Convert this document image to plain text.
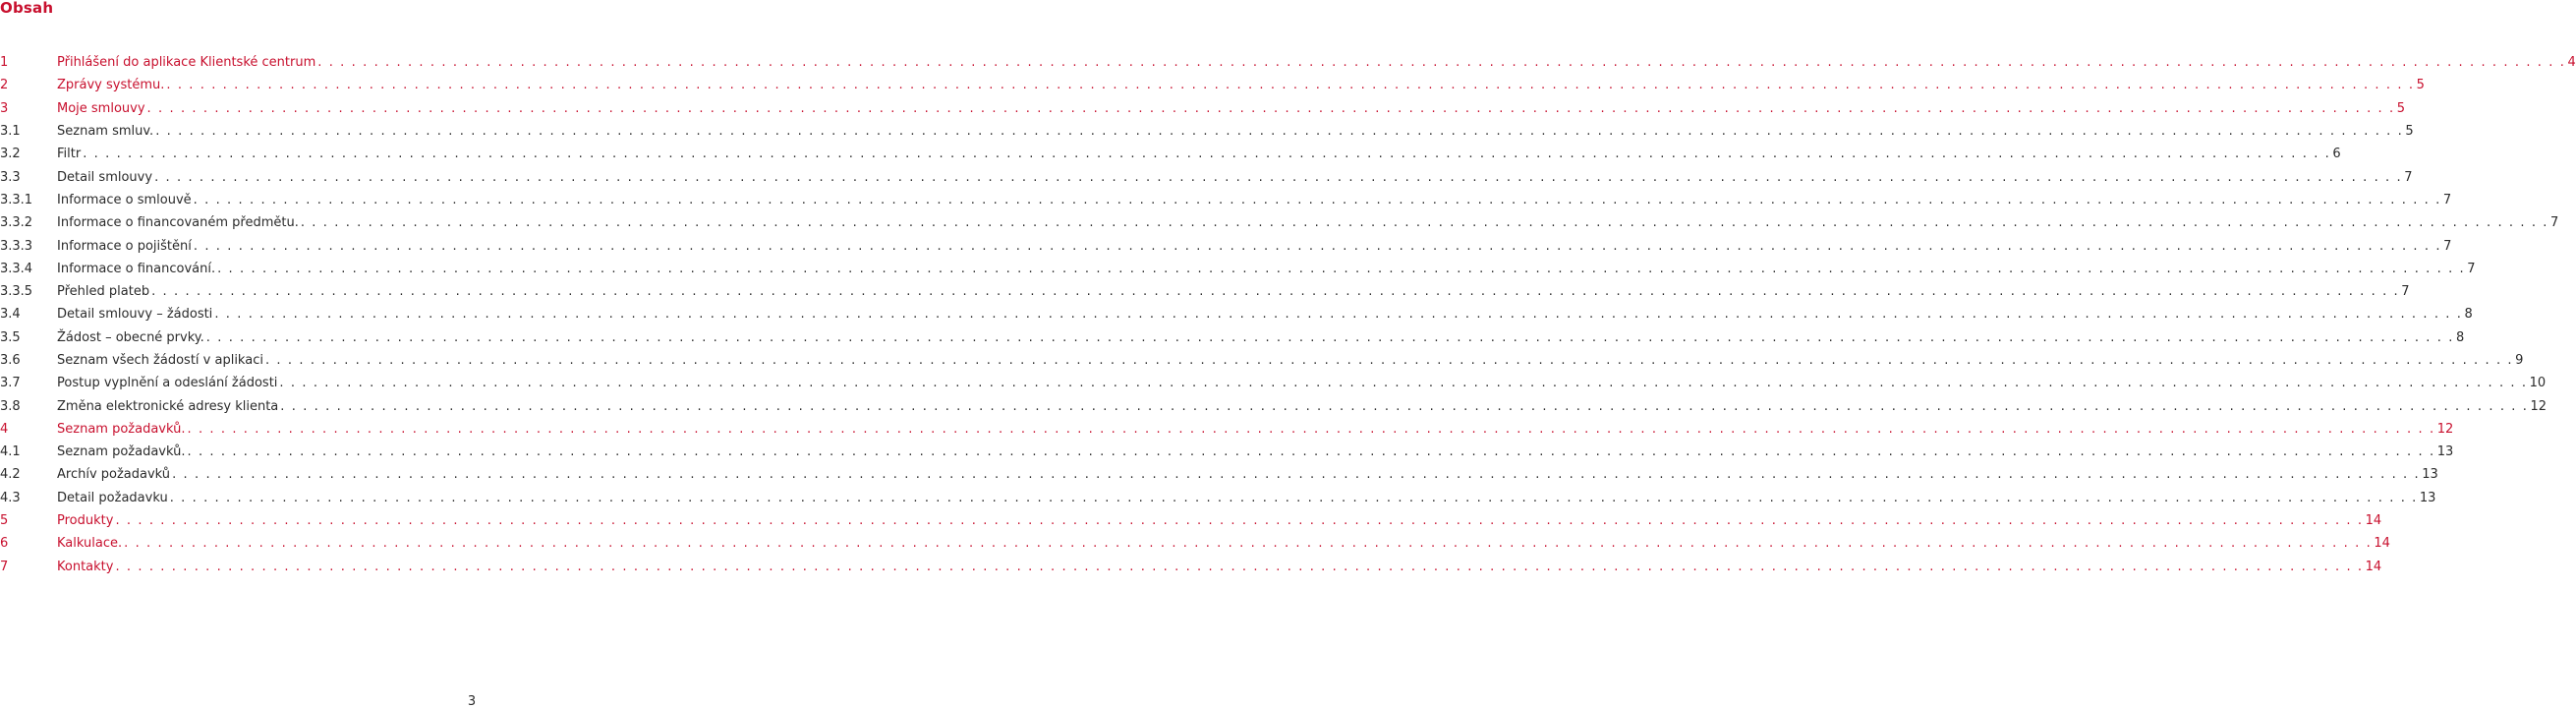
Obsah
1	Přihlášení do aplikace Klientské centrum . . . . . . . . . . . . . . . . . . . . . . . . . . . . . . . . . . . . . . . . . . . . . . . . . . . . . . . . . . . . . . . . . . . . . . . . . . . . . . . . . . . . . . . . . . . . . . . . . . . . . . . . . . . . . . . . . . . . . . . . . . . . . . . . . . . . . . . . . . . . . . . . . . . . . . . . . . . . . . . . . . . . . . . . . . . . . . . . . . . . . . . . . . . . . . . . . . . . . . . . 4
2	Zprávy systému. . . . . . . . . . . . . . . . . . . . . . . . . . . . . . . . . . . . . . . . . . . . . . . . . . . . . . . . . . . . . . . . . . . . . . . . . . . . . . . . . . . . . . . . . . . . . . . . . . . . . . . . . . . . . . . . . . . . . . . . . . . . . . . . . . . . . . . . . . . . . . . . . . . . . . . . . . . . . . . . . . . . . . . . . . . . . . . . . . . . . . . . . . . . . . . . . . . . . . . . . 5
3	Moje smlouvy . . . . . . . . . . . . . . . . . . . . . . . . . . . . . . . . . . . . . . . . . . . . . . . . . . . . . . . . . . . . . . . . . . . . . . . . . . . . . . . . . . . . . . . . . . . . . . . . . . . . . . . . . . . . . . . . . . . . . . . . . . . . . . . . . . . . . . . . . . . . . . . . . . . . . . . . . . . . . . . . . . . . . . . . . . . . . . . . . . . . . . . . . . . . . . . . . . . . . . . . 5
3.1	Seznam smluv. . . . . . . . . . . . . . . . . . . . . . . . . . . . . . . . . . . . . . . . . . . . . . . . . . . . . . . . . . . . . . . . . . . . . . . . . . . . . . . . . . . . . . . . . . . . . . . . . . . . . . . . . . . . . . . . . . . . . . . . . . . . . . . . . . . . . . . . . . . . . . . . . . . . . . . . . . . . . . . . . . . . . . . . . . . . . . . . . . . . . . . . . . . . . . . . . . . . . . . . . 5
3.2	Filtr . . . . . . . . . . . . . . . . . . . . . . . . . . . . . . . . . . . . . . . . . . . . . . . . . . . . . . . . . . . . . . . . . . . . . . . . . . . . . . . . . . . . . . . . . . . . . . . . . . . . . . . . . . . . . . . . . . . . . . . . . . . . . . . . . . . . . . . . . . . . . . . . . . . . . . . . . . . . . . . . . . . . . . . . . . . . . . . . . . . . . . . . . . . . . . . . . . . . . . . . 6
3.3	Detail smlouvy . . . . . . . . . . . . . . . . . . . . . . . . . . . . . . . . . . . . . . . . . . . . . . . . . . . . . . . . . . . . . . . . . . . . . . . . . . . . . . . . . . . . . . . . . . . . . . . . . . . . . . . . . . . . . . . . . . . . . . . . . . . . . . . . . . . . . . . . . . . . . . . . . . . . . . . . . . . . . . . . . . . . . . . . . . . . . . . . . . . . . . . . . . . . . . . . . . . . . . . . 7
3.3.1	Informace o smlouvě . . . . . . . . . . . . . . . . . . . . . . . . . . . . . . . . . . . . . . . . . . . . . . . . . . . . . . . . . . . . . . . . . . . . . . . . . . . . . . . . . . . . . . . . . . . . . . . . . . . . . . . . . . . . . . . . . . . . . . . . . . . . . . . . . . . . . . . . . . . . . . . . . . . . . . . . . . . . . . . . . . . . . . . . . . . . . . . . . . . . . . . . . . . . . . . . . . . . . . . . 7
3.3.2	Informace o financovaném předmětu. . . . . . . . . . . . . . . . . . . . . . . . . . . . . . . . . . . . . . . . . . . . . . . . . . . . . . . . . . . . . . . . . . . . . . . . . . . . . . . . . . . . . . . . . . . . . . . . . . . . . . . . . . . . . . . . . . . . . . . . . . . . . . . . . . . . . . . . . . . . . . . . . . . . . . . . . . . . . . . . . . . . . . . . . . . . . . . . . . . . . . . . . . . . . . . . . . . . . . . . . 7
3.3.3	Informace o pojištění . . . . . . . . . . . . . . . . . . . . . . . . . . . . . . . . . . . . . . . . . . . . . . . . . . . . . . . . . . . . . . . . . . . . . . . . . . . . . . . . . . . . . . . . . . . . . . . . . . . . . . . . . . . . . . . . . . . . . . . . . . . . . . . . . . . . . . . . . . . . . . . . . . . . . . . . . . . . . . . . . . . . . . . . . . . . . . . . . . . . . . . . . . . . . . . . . . . . . . . . 7
3.3.4	Informace o financování. . . . . . . . . . . . . . . . . . . . . . . . . . . . . . . . . . . . . . . . . . . . . . . . . . . . . . . . . . . . . . . . . . . . . . . . . . . . . . . . . . . . . . . . . . . . . . . . . . . . . . . . . . . . . . . . . . . . . . . . . . . . . . . . . . . . . . . . . . . . . . . . . . . . . . . . . . . . . . . . . . . . . . . . . . . . . . . . . . . . . . . . . . . . . . . . . . . . . . . . . 7
3.3.5	Přehled plateb . . . . . . . . . . . . . . . . . . . . . . . . . . . . . . . . . . . . . . . . . . . . . . . . . . . . . . . . . . . . . . . . . . . . . . . . . . . . . . . . . . . . . . . . . . . . . . . . . . . . . . . . . . . . . . . . . . . . . . . . . . . . . . . . . . . . . . . . . . . . . . . . . . . . . . . . . . . . . . . . . . . . . . . . . . . . . . . . . . . . . . . . . . . . . . . . . . . . . . . . 7
3.4	Detail smlouvy – žádosti . . . . . . . . . . . . . . . . . . . . . . . . . . . . . . . . . . . . . . . . . . . . . . . . . . . . . . . . . . . . . . . . . . . . . . . . . . . . . . . . . . . . . . . . . . . . . . . . . . . . . . . . . . . . . . . . . . . . . . . . . . . . . . . . . . . . . . . . . . . . . . . . . . . . . . . . . . . . . . . . . . . . . . . . . . . . . . . . . . . . . . . . . . . . . . . . . . . . . . . . 8
3.5	Žádost – obecné prvky. . . . . . . . . . . . . . . . . . . . . . . . . . . . . . . . . . . . . . . . . . . . . . . . . . . . . . . . . . . . . . . . . . . . . . . . . . . . . . . . . . . . . . . . . . . . . . . . . . . . . . . . . . . . . . . . . . . . . . . . . . . . . . . . . . . . . . . . . . . . . . . . . . . . . . . . . . . . . . . . . . . . . . . . . . . . . . . . . . . . . . . . . . . . . . . . . . . . . . . . . 8
3.6	Seznam všech žádostí v aplikaci . . . . . . . . . . . . . . . . . . . . . . . . . . . . . . . . . . . . . . . . . . . . . . . . . . . . . . . . . . . . . . . . . . . . . . . . . . . . . . . . . . . . . . . . . . . . . . . . . . . . . . . . . . . . . . . . . . . . . . . . . . . . . . . . . . . . . . . . . . . . . . . . . . . . . . . . . . . . . . . . . . . . . . . . . . . . . . . . . . . . . . . . . . . . . . . . . . . . . . . . 9
3.7	Postup vyplnění a odeslání žádosti . . . . . . . . . . . . . . . . . . . . . . . . . . . . . . . . . . . . . . . . . . . . . . . . . . . . . . . . . . . . . . . . . . . . . . . . . . . . . . . . . . . . . . . . . . . . . . . . . . . . . . . . . . . . . . . . . . . . . . . . . . . . . . . . . . . . . . . . . . . . . . . . . . . . . . . . . . . . . . . . . . . . . . . . . . . . . . . . . . . . . . . . . . . . . . . . . . . . . . . . 10
3.8	Změna elektronické adresy klienta . . . . . . . . . . . . . . . . . . . . . . . . . . . . . . . . . . . . . . . . . . . . . . . . . . . . . . . . . . . . . . . . . . . . . . . . . . . . . . . . . . . . . . . . . . . . . . . . . . . . . . . . . . . . . . . . . . . . . . . . . . . . . . . . . . . . . . . . . . . . . . . . . . . . . . . . . . . . . . . . . . . . . . . . . . . . . . . . . . . . . . . . . . . . . . . . . . . . . . . . 12
4	Seznam požadavků. . . . . . . . . . . . . . . . . . . . . . . . . . . . . . . . . . . . . . . . . . . . . . . . . . . . . . . . . . . . . . . . . . . . . . . . . . . . . . . . . . . . . . . . . . . . . . . . . . . . . . . . . . . . . . . . . . . . . . . . . . . . . . . . . . . . . . . . . . . . . . . . . . . . . . . . . . . . . . . . . . . . . . . . . . . . . . . . . . . . . . . . . . . . . . . . . . . . . . . . . 12
4.1	Seznam požadavků. . . . . . . . . . . . . . . . . . . . . . . . . . . . . . . . . . . . . . . . . . . . . . . . . . . . . . . . . . . . . . . . . . . . . . . . . . . . . . . . . . . . . . . . . . . . . . . . . . . . . . . . . . . . . . . . . . . . . . . . . . . . . . . . . . . . . . . . . . . . . . . . . . . . . . . . . . . . . . . . . . . . . . . . . . . . . . . . . . . . . . . . . . . . . . . . . . . . . . . . . 13
4.2	Archív požadavků . . . . . . . . . . . . . . . . . . . . . . . . . . . . . . . . . . . . . . . . . . . . . . . . . . . . . . . . . . . . . . . . . . . . . . . . . . . . . . . . . . . . . . . . . . . . . . . . . . . . . . . . . . . . . . . . . . . . . . . . . . . . . . . . . . . . . . . . . . . . . . . . . . . . . . . . . . . . . . . . . . . . . . . . . . . . . . . . . . . . . . . . . . . . . . . . . . . . . . . . 13
4.3	Detail požadavku . . . . . . . . . . . . . . . . . . . . . . . . . . . . . . . . . . . . . . . . . . . . . . . . . . . . . . . . . . . . . . . . . . . . . . . . . . . . . . . . . . . . . . . . . . . . . . . . . . . . . . . . . . . . . . . . . . . . . . . . . . . . . . . . . . . . . . . . . . . . . . . . . . . . . . . . . . . . . . . . . . . . . . . . . . . . . . . . . . . . . . . . . . . . . . . . . . . . . . . . 13
5	Produkty . . . . . . . . . . . . . . . . . . . . . . . . . . . . . . . . . . . . . . . . . . . . . . . . . . . . . . . . . . . . . . . . . . . . . . . . . . . . . . . . . . . . . . . . . . . . . . . . . . . . . . . . . . . . . . . . . . . . . . . . . . . . . . . . . . . . . . . . . . . . . . . . . . . . . . . . . . . . . . . . . . . . . . . . . . . . . . . . . . . . . . . . . . . . . . . . . . . . . . . . 14
6	Kalkulace. . . . . . . . . . . . . . . . . . . . . . . . . . . . . . . . . . . . . . . . . . . . . . . . . . . . . . . . . . . . . . . . . . . . . . . . . . . . . . . . . . . . . . . . . . . . . . . . . . . . . . . . . . . . . . . . . . . . . . . . . . . . . . . . . . . . . . . . . . . . . . . . . . . . . . . . . . . . . . . . . . . . . . . . . . . . . . . . . . . . . . . . . . . . . . . . . . . . . . . . . 14
7	Kontakty . . . . . . . . . . . . . . . . . . . . . . . . . . . . . . . . . . . . . . . . . . . . . . . . . . . . . . . . . . . . . . . . . . . . . . . . . . . . . . . . . . . . . . . . . . . . . . . . . . . . . . . . . . . . . . . . . . . . . . . . . . . . . . . . . . . . . . . . . . . . . . . . . . . . . . . . . . . . . . . . . . . . . . . . . . . . . . . . . . . . . . . . . . . . . . . . . . . . . . . . 14
3
